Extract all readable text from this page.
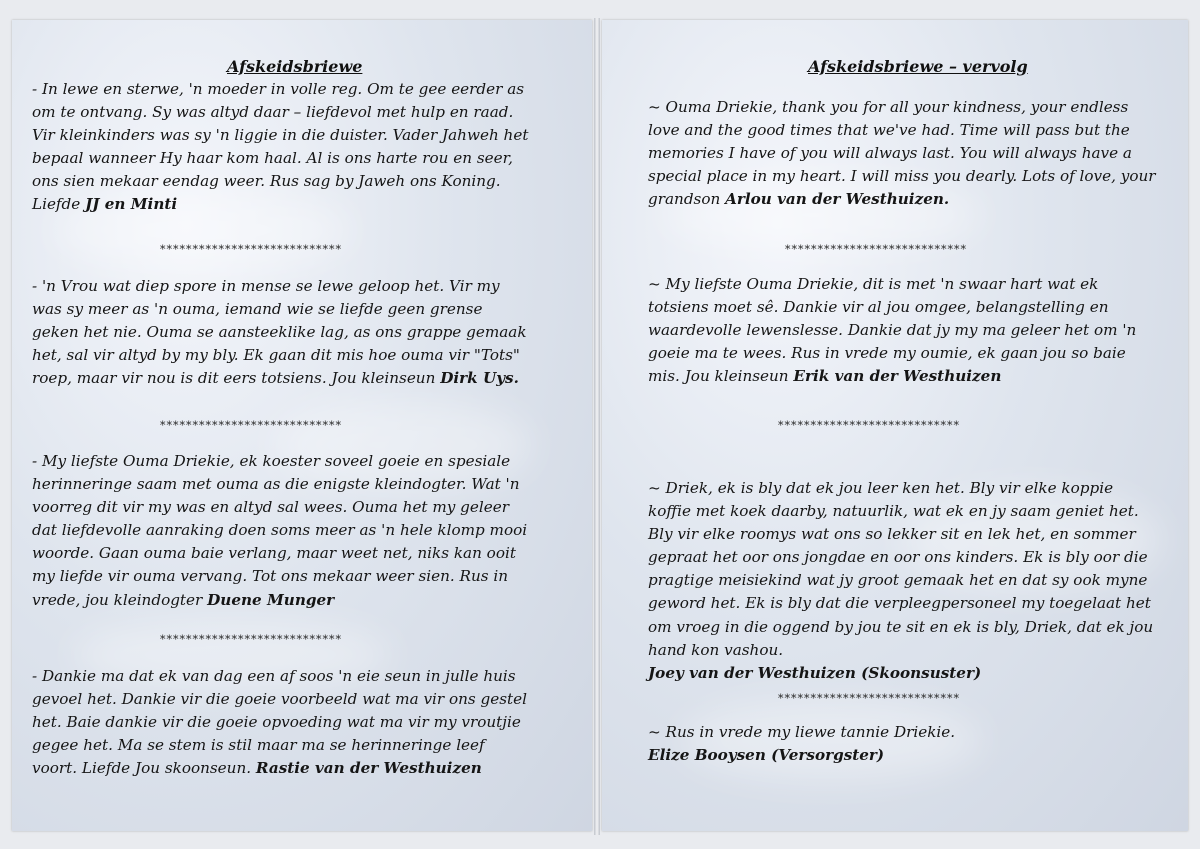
Afskeidsbriewe

- In lewe en sterwe, 'n moeder in volle reg. Om te gee eerder as om te ontvang. Sy was altyd daar – liefdevol met hulp en raad. Vir kleinkinders was sy 'n liggie in die duister. Vader Jahweh het bepaal wanneer Hy haar kom haal. Al is ons harte rou en seer, ons sien mekaar eendag weer. Rus sag by Jaweh ons Koning. Liefde JJ en Minti

****************************

- 'n Vrou wat diep spore in mense se lewe geloop het. Vir my was sy meer as 'n ouma, iemand wie se liefde geen grense geken het nie. Ouma se aansteeklike lag, as ons grappe gemaak het, sal vir altyd by my bly. Ek gaan dit mis hoe ouma vir "Tots" roep, maar vir nou is dit eers totsiens. Jou kleinseun Dirk Uys.

****************************

- My liefste Ouma Driekie, ek koester soveel goeie en spesiale herinneringe saam met ouma as die enigste kleindogter. Wat 'n voorreg dit vir my was en altyd sal wees. Ouma het my geleer dat liefdevolle aanraking doen soms meer as 'n hele klomp mooi woorde. Gaan ouma baie verlang, maar weet net, niks kan ooit my liefde vir ouma vervang. Tot ons mekaar weer sien. Rus in vrede, jou kleindogter Duene Munger

****************************

- Dankie ma dat ek van dag een af soos 'n eie seun in julle huis gevoel het. Dankie vir die goeie voorbeeld wat ma vir ons gestel het. Baie dankie vir die goeie opvoeding wat ma vir my vroutjie gegee het. Ma se stem is stil maar ma se herinneringe leef voort. Liefde Jou skoonseun. Rastie van der Westhuizen

Afskeidsbriewe – vervolg

~ Ouma Driekie, thank you for all your kindness, your endless love and the good times that we've had. Time will pass but the memories I have of you will always last. You will always have a special place in my heart. I will miss you dearly. Lots of love, your grandson Arlou van der Westhuizen.

****************************

~ My liefste Ouma Driekie, dit is met 'n swaar hart wat ek totsiens moet sê. Dankie vir al jou omgee, belangstelling en waardevolle lewenslesse. Dankie dat jy my ma geleer het om 'n goeie ma te wees. Rus in vrede my oumie, ek gaan jou so baie mis. Jou kleinseun Erik van der Westhuizen

****************************

~ Driek, ek is bly dat ek jou leer ken het. Bly vir elke koppie koffie met koek daarby, natuurlik, wat ek en jy saam geniet het. Bly vir elke roomys wat ons so lekker sit en lek het, en sommer gepraat het oor ons jongdae en oor ons kinders. Ek is bly oor die pragtige meisiekind wat jy groot gemaak het en dat sy ook myne geword het. Ek is bly dat die verpleegpersoneel my toegelaat het om vroeg in die oggend by jou te sit en ek is bly, Driek, dat ek jou hand kon vashou.
Joey van der Westhuizen (Skoonsuster)

****************************

~ Rus in vrede my liewe tannie Driekie.
Elize Booysen (Versorgster)
